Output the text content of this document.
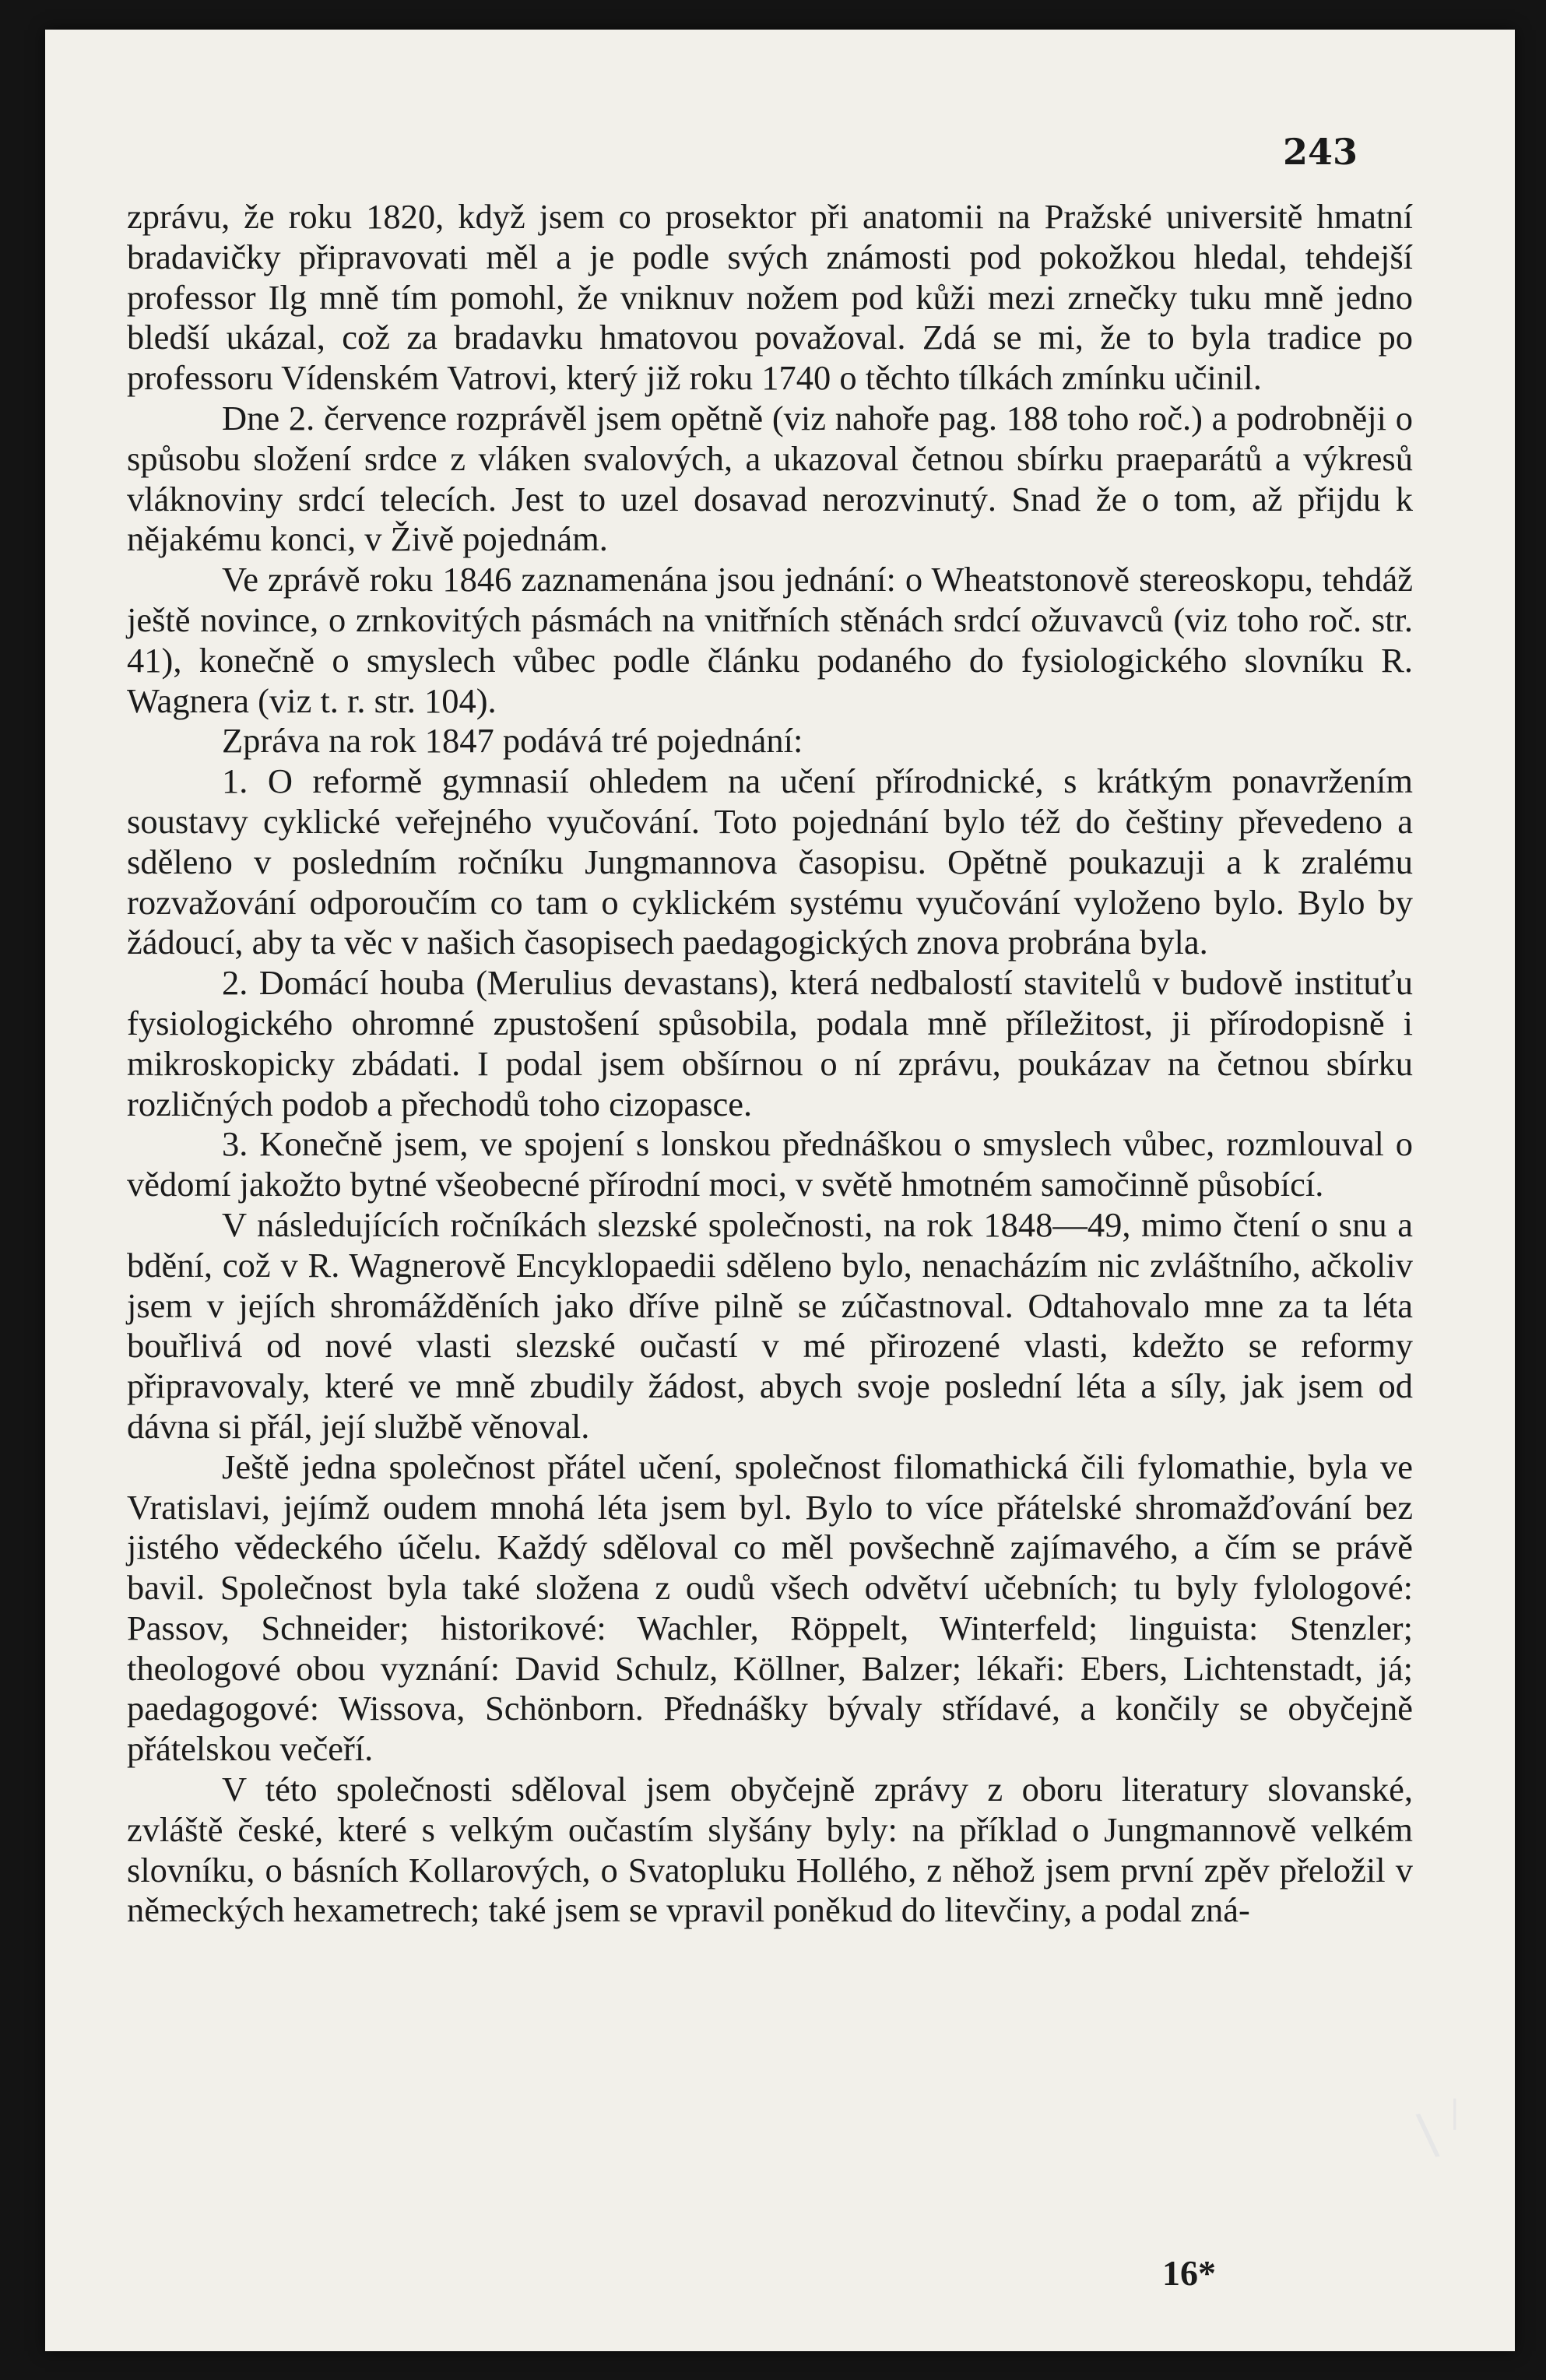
243

zprávu, že roku 1820, když jsem co prosektor při anatomii na Pražské universitě hmatní bradavičky připravovati měl a je podle svých známosti pod pokožkou hledal, tehdejší professor Ilg mně tím pomohl, že vniknuv nožem pod kůži mezi zrnečky tuku mně jedno bledší ukázal, což za bradavku hmatovou považoval. Zdá se mi, že to byla tradice po professoru Vídenském Vatrovi, který již roku 1740 o těchto tílkách zmínku učinil.

Dne 2. července rozprávěl jsem opětně (viz nahoře pag. 188 toho roč.) a podrobněji o spůsobu složení srdce z vláken svalových, a ukazoval četnou sbírku praeparátů a výkresů vláknoviny srdcí telecích. Jest to uzel dosavad nerozvinutý. Snad že o tom, až přijdu k nějakému konci, v Živě pojednám.

Ve zprávě roku 1846 zaznamenána jsou jednání: o Wheatstonově stereoskopu, tehdáž ještě novince, o zrnkovitých pásmách na vnitřních stěnách srdcí ožuvavců (viz toho roč. str. 41), konečně o smyslech vůbec podle článku podaného do fysiologického slovníku R. Wagnera (viz t. r. str. 104).

Zpráva na rok 1847 podává tré pojednání:

1. O reformě gymnasií ohledem na učení přírodnické, s krátkým ponavržením soustavy cyklické veřejného vyučování. Toto pojednání bylo též do češtiny převedeno a sděleno v posledním ročníku Jungmannova časopisu. Opětně poukazuji a k zralému rozvažování odporoučím co tam o cyklickém systému vyučování vyloženo bylo. Bylo by žádoucí, aby ta věc v našich časopisech paedagogických znova probrána byla.

2. Domácí houba (Merulius devastans), která nedbalostí stavitelů v budově instituťu fysiologického ohromné zpustošení spůsobila, podala mně příležitost, ji přírodopisně i mikroskopicky zbádati. I podal jsem obšírnou o ní zprávu, poukázav na četnou sbírku rozličných podob a přechodů toho cizopasce.

3. Konečně jsem, ve spojení s lonskou přednáškou o smyslech vůbec, rozmlouval o vědomí jakožto bytné všeobecné přírodní moci, v světě hmotném samočinně působící.

V následujících ročníkách slezské společnosti, na rok 1848—49, mimo čtení o snu a bdění, což v R. Wagnerově Encyklopaedii sděleno bylo, nenacházím nic zvláštního, ačkoliv jsem v jejích shromážděních jako dříve pilně se zúčastnoval. Odtahovalo mne za ta léta bouřlivá od nové vlasti slezské oučastí v mé přirozené vlasti, kdežto se reformy připravovaly, které ve mně zbudily žádost, abych svoje poslední léta a síly, jak jsem od dávna si přál, její službě věnoval.

Ještě jedna společnost přátel učení, společnost filomathická čili fylomathie, byla ve Vratislavi, jejímž oudem mnohá léta jsem byl. Bylo to více přátelské shromažďování bez jistého vědeckého účelu. Každý sděloval co měl povšechně zajímavého, a čím se právě bavil. Společnost byla také složena z oudů všech odvětví učebních; tu byly fylologové: Passov, Schneider; historikové: Wachler, Röppelt, Winterfeld; linguista: Stenzler; theologové obou vyznání: David Schulz, Köllner, Balzer; lékaři: Ebers, Lichtenstadt, já; paedagogové: Wissova, Schönborn. Přednášky bývaly střídavé, a končily se obyčejně přátelskou večeří.

V této společnosti sděloval jsem obyčejně zprávy z oboru literatury slovanské, zvláště české, které s velkým oučastím slyšány byly: na příklad o Jungmannově velkém slovníku, o básních Kollarových, o Svatopluku Hollého, z něhož jsem první zpěv přeložil v německých hexametrech; také jsem se vpravil poněkud do litevčiny, a podal zná-

16*

\ |
